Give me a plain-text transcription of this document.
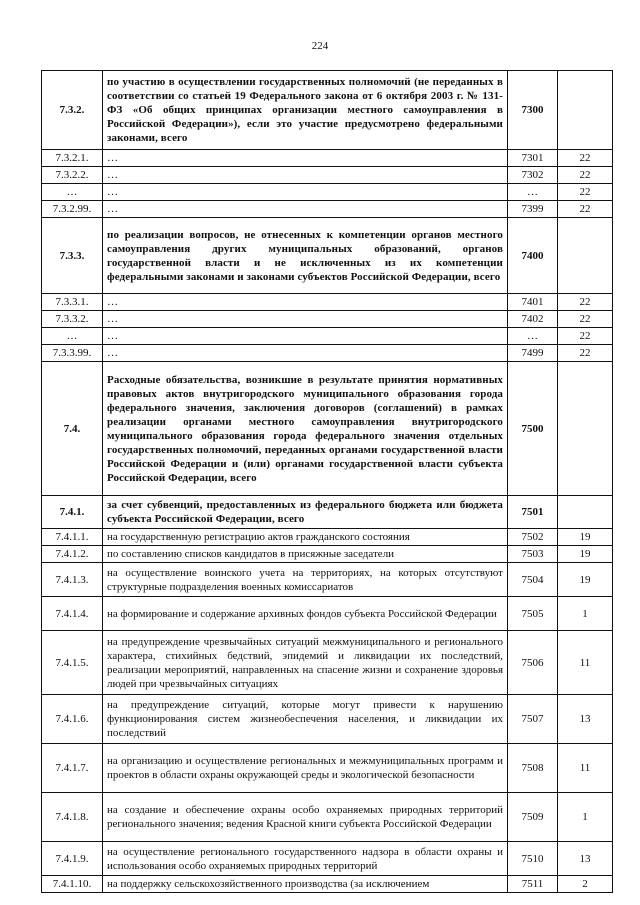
224
7.3.2.	по участию в осуществлении государственных полномочий (не переданных в соответствии со статьей 19 Федерального закона от 6 октября 2003 г. № 131-ФЗ «Об общих принципах организации местного самоуправления в Российской Федерации»), если это участие предусмотрено федеральными законами, всего	7300	
7.3.2.1.	…	7301	22
7.3.2.2.	…	7302	22
…	…	…	22
7.3.2.99.	…	7399	22
7.3.3.	по реализации вопросов, не отнесенных к компетенции органов местного самоуправления других муниципальных образований, органов государственной власти и не исключенных из их компетенции федеральными законами и законами субъектов Российской Федерации, всего	7400	
7.3.3.1.	…	7401	22
7.3.3.2.	…	7402	22
…	…	…	22
7.3.3.99.	…	7499	22
7.4.	Расходные обязательства, возникшие в результате принятия нормативных правовых актов внутригородского муниципального образования города федерального значения, заключения договоров (соглашений) в рамках реализации органами местного самоуправления внутригородского муниципального образования города федерального значения отдельных государственных полномочий, переданных органами государственной власти Российской Федерации и (или) органами государственной власти субъекта Российской Федерации, всего	7500	
7.4.1.	за счет субвенций, предоставленных из федерального бюджета или бюджета субъекта Российской Федерации, всего	7501	
7.4.1.1.	на государственную регистрацию актов гражданского состояния	7502	19
7.4.1.2.	по составлению списков кандидатов в присяжные заседатели	7503	19
7.4.1.3.	на осуществление воинского учета на территориях, на которых отсутствуют структурные подразделения военных комиссариатов	7504	19
7.4.1.4.	на формирование и содержание архивных фондов субъекта Российской Федерации	7505	1
7.4.1.5.	на предупреждение чрезвычайных ситуаций межмуниципального и регионального характера, стихийных бедствий, эпидемий и ликвидации их последствий, реализации мероприятий, направленных на спасение жизни и сохранение здоровья людей при чрезвычайных ситуациях	7506	11
7.4.1.6.	на предупреждение ситуаций, которые могут привести к нарушению функционирования систем жизнеобеспечения населения, и ликвидации их последствий	7507	13
7.4.1.7.	на организацию и осуществление региональных и межмуниципальных программ и проектов в области охраны окружающей среды и экологической безопасности	7508	11
7.4.1.8.	на создание и обеспечение охраны особо охраняемых природных территорий регионального значения; ведения Красной книги субъекта Российской Федерации	7509	1
7.4.1.9.	на осуществление регионального государственного надзора в области охраны и использования особо охраняемых природных территорий	7510	13
7.4.1.10.	на поддержку сельскохозяйственного производства (за исключением	7511	2
